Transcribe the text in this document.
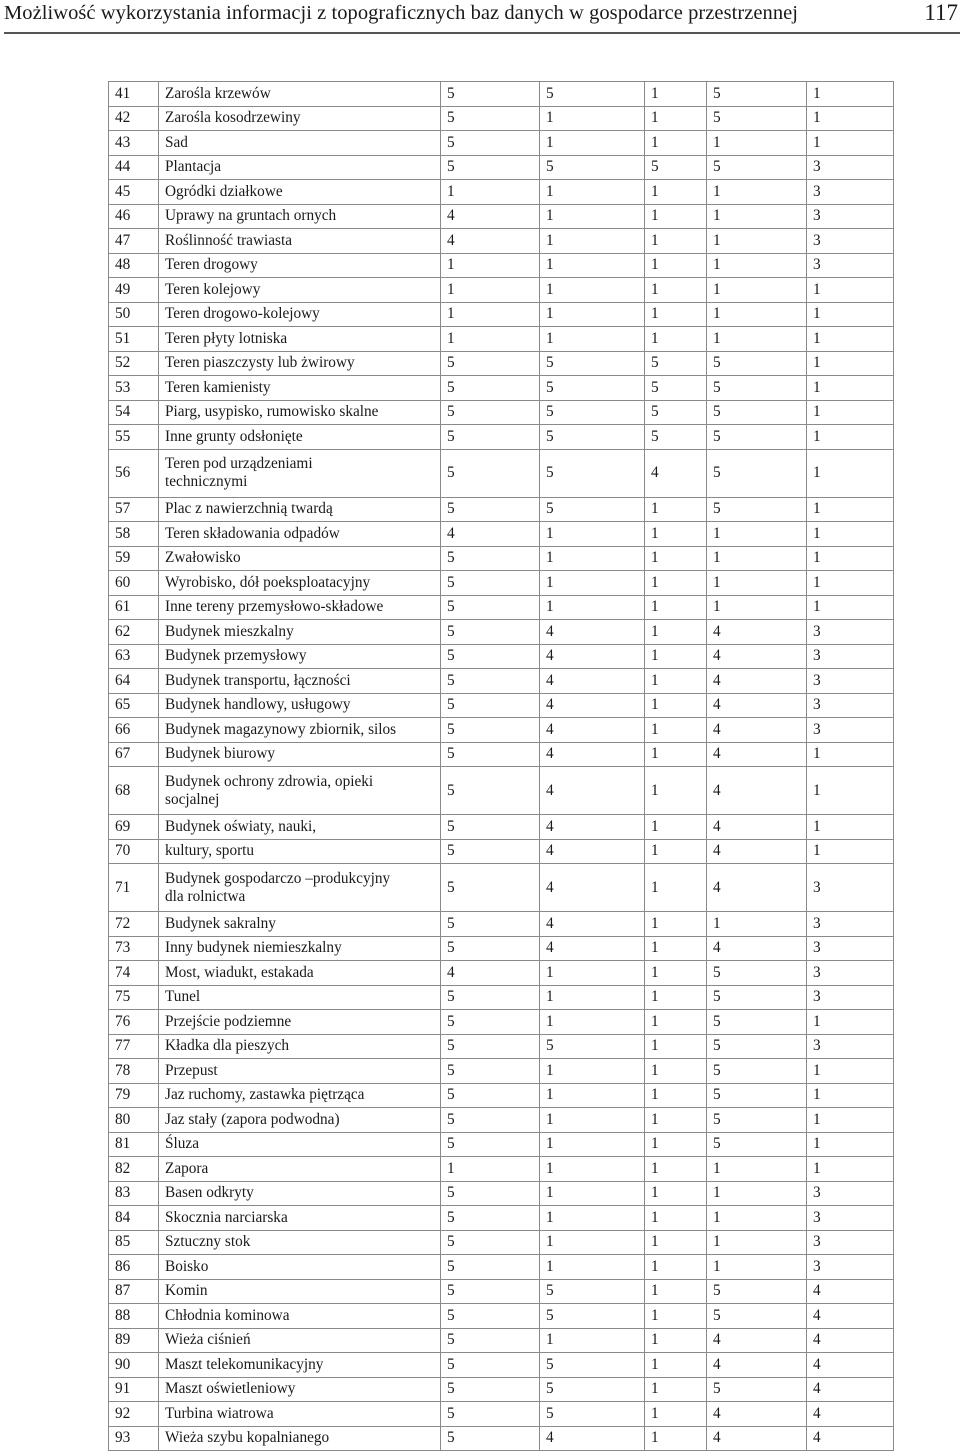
Możliwość wykorzystania informacji z topograficznych baz danych w gospodarce przestrzennej	117
41	Zarośla krzewów	5	5	1	5	1
42	Zarośla kosodrzewiny	5	1	1	5	1
43	Sad	5	1	1	1	1
44	Plantacja	5	5	5	5	3
45	Ogródki działkowe	1	1	1	1	3
46	Uprawy na gruntach ornych	4	1	1	1	3
47	Roślinność trawiasta	4	1	1	1	3
48	Teren drogowy	1	1	1	1	3
49	Teren kolejowy	1	1	1	1	1
50	Teren drogowo-kolejowy	1	1	1	1	1
51	Teren płyty lotniska	1	1	1	1	1
52	Teren piaszczysty lub żwirowy	5	5	5	5	1
53	Teren kamienisty	5	5	5	5	1
54	Piarg, usypisko, rumowisko skalne	5	5	5	5	1
55	Inne grunty odsłonięte	5	5	5	5	1
56	Teren pod urządzeniami
technicznymi	5	5	4	5	1
57	Plac z nawierzchnią twardą	5	5	1	5	1
58	Teren składowania odpadów	4	1	1	1	1
59	Zwałowisko	5	1	1	1	1
60	Wyrobisko, dół poeksploatacyjny	5	1	1	1	1
61	Inne tereny przemysłowo-składowe	5	1	1	1	1
62	Budynek mieszkalny	5	4	1	4	3
63	Budynek przemysłowy	5	4	1	4	3
64	Budynek transportu, łączności	5	4	1	4	3
65	Budynek handlowy, usługowy	5	4	1	4	3
66	Budynek magazynowy zbiornik, silos	5	4	1	4	3
67	Budynek biurowy	5	4	1	4	1
68	Budynek ochrony zdrowia, opieki
socjalnej	5	4	1	4	1
69	Budynek oświaty, nauki,	5	4	1	4	1
70	kultury, sportu	5	4	1	4	1
71	Budynek gospodarczo –produkcyjny
dla rolnictwa	5	4	1	4	3
72	Budynek sakralny	5	4	1	1	3
73	Inny budynek niemieszkalny	5	4	1	4	3
74	Most, wiadukt, estakada	4	1	1	5	3
75	Tunel	5	1	1	5	3
76	Przejście podziemne	5	1	1	5	1
77	Kładka dla pieszych	5	5	1	5	3
78	Przepust	5	1	1	5	1
79	Jaz ruchomy, zastawka piętrząca	5	1	1	5	1
80	Jaz stały (zapora podwodna)	5	1	1	5	1
81	Śluza	5	1	1	5	1
82	Zapora	1	1	1	1	1
83	Basen odkryty	5	1	1	1	3
84	Skocznia narciarska	5	1	1	1	3
85	Sztuczny stok	5	1	1	1	3
86	Boisko	5	1	1	1	3
87	Komin	5	5	1	5	4
88	Chłodnia kominowa	5	5	1	5	4
89	Wieża ciśnień	5	1	1	4	4
90	Maszt telekomunikacyjny	5	5	1	4	4
91	Maszt oświetleniowy	5	5	1	5	4
92	Turbina wiatrowa	5	5	1	4	4
93	Wieża szybu kopalnianego	5	4	1	4	4
